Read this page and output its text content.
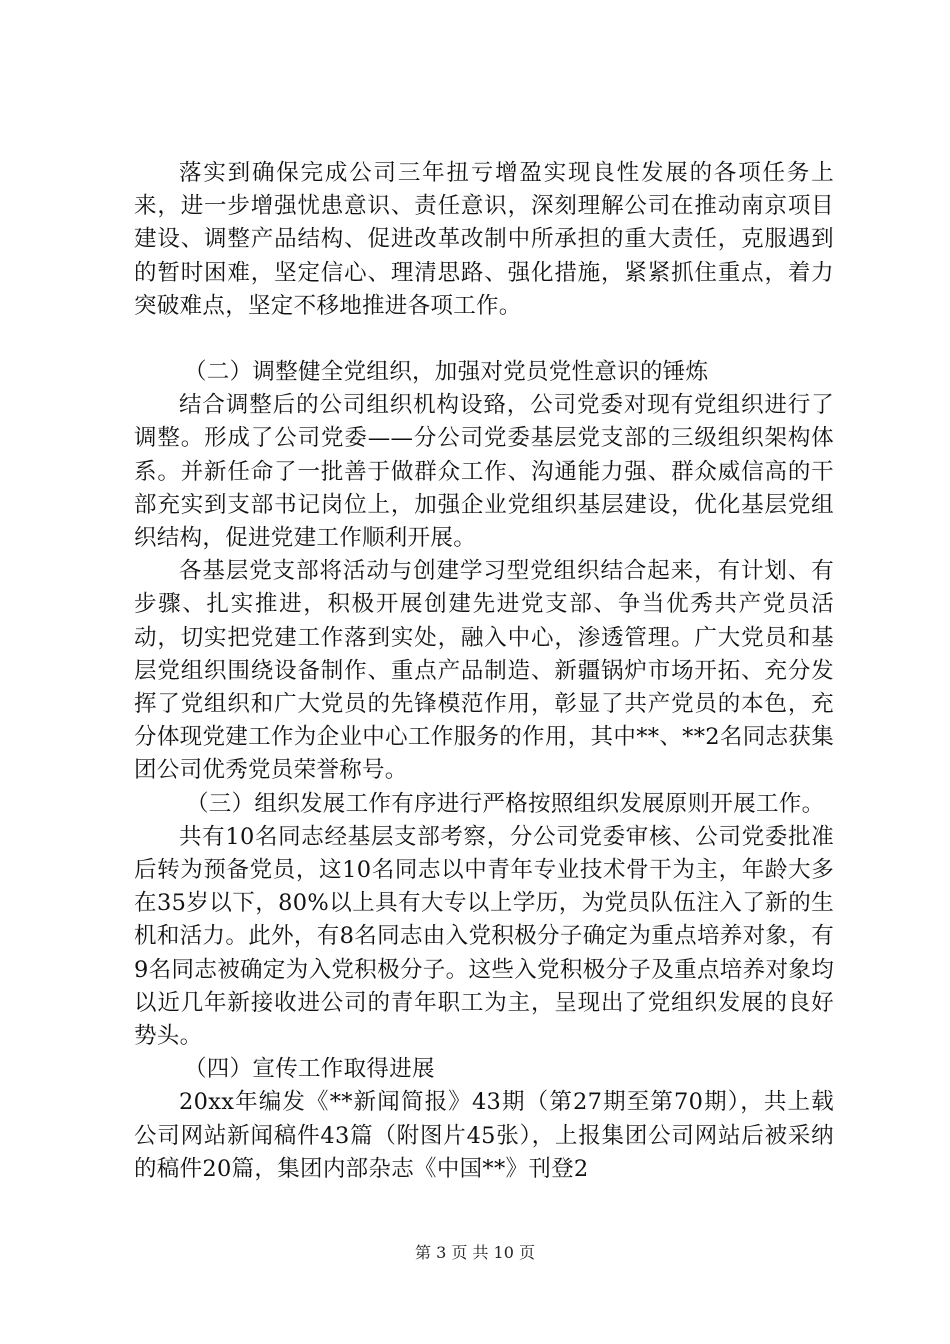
落实到确保完成公司三年扭亏增盈实现良性发展的各项任务上来，进一步增强忧患意识、责任意识，深刻理解公司在推动南京项目建设、调整产品结构、促进改革改制中所承担的重大责任，克服遇到的暂时困难，坚定信心、理清思路、强化措施，紧紧抓住重点，着力突破难点，坚定不移地推进各项工作。

（二）调整健全党组织，加强对党员党性意识的锤炼

结合调整后的公司组织机构设臵，公司党委对现有党组织进行了调整。形成了公司党委——分公司党委基层党支部的三级组织架构体系。并新任命了一批善于做群众工作、沟通能力强、群众威信高的干部充实到支部书记岗位上，加强企业党组织基层建设，优化基层党组织结构，促进党建工作顺利开展。

各基层党支部将活动与创建学习型党组织结合起来，有计划、有步骤、扎实推进，积极开展创建先进党支部、争当优秀共产党员活动，切实把党建工作落到实处，融入中心，渗透管理。广大党员和基层党组织围绕设备制作、重点产品制造、新疆锅炉市场开拓、充分发挥了党组织和广大党员的先锋模范作用，彰显了共产党员的本色，充分体现党建工作为企业中心工作服务的作用，其中**、**2名同志获集团公司优秀党员荣誉称号。

（三）组织发展工作有序进行严格按照组织发展原则开展工作。

共有10名同志经基层支部考察，分公司党委审核、公司党委批准后转为预备党员，这10名同志以中青年专业技术骨干为主，年龄大多在35岁以下，80%以上具有大专以上学历，为党员队伍注入了新的生机和活力。此外，有8名同志由入党积极分子确定为重点培养对象，有9名同志被确定为入党积极分子。这些入党积极分子及重点培养对象均以近几年新接收进公司的青年职工为主，呈现出了党组织发展的良好势头。

（四）宣传工作取得进展

20xx年编发《**新闻简报》43期（第27期至第70期），共上载公司网站新闻稿件43篇（附图片45张），上报集团公司网站后被采纳的稿件20篇，集团内部杂志《中国**》刊登2

第 3 页 共 10 页
